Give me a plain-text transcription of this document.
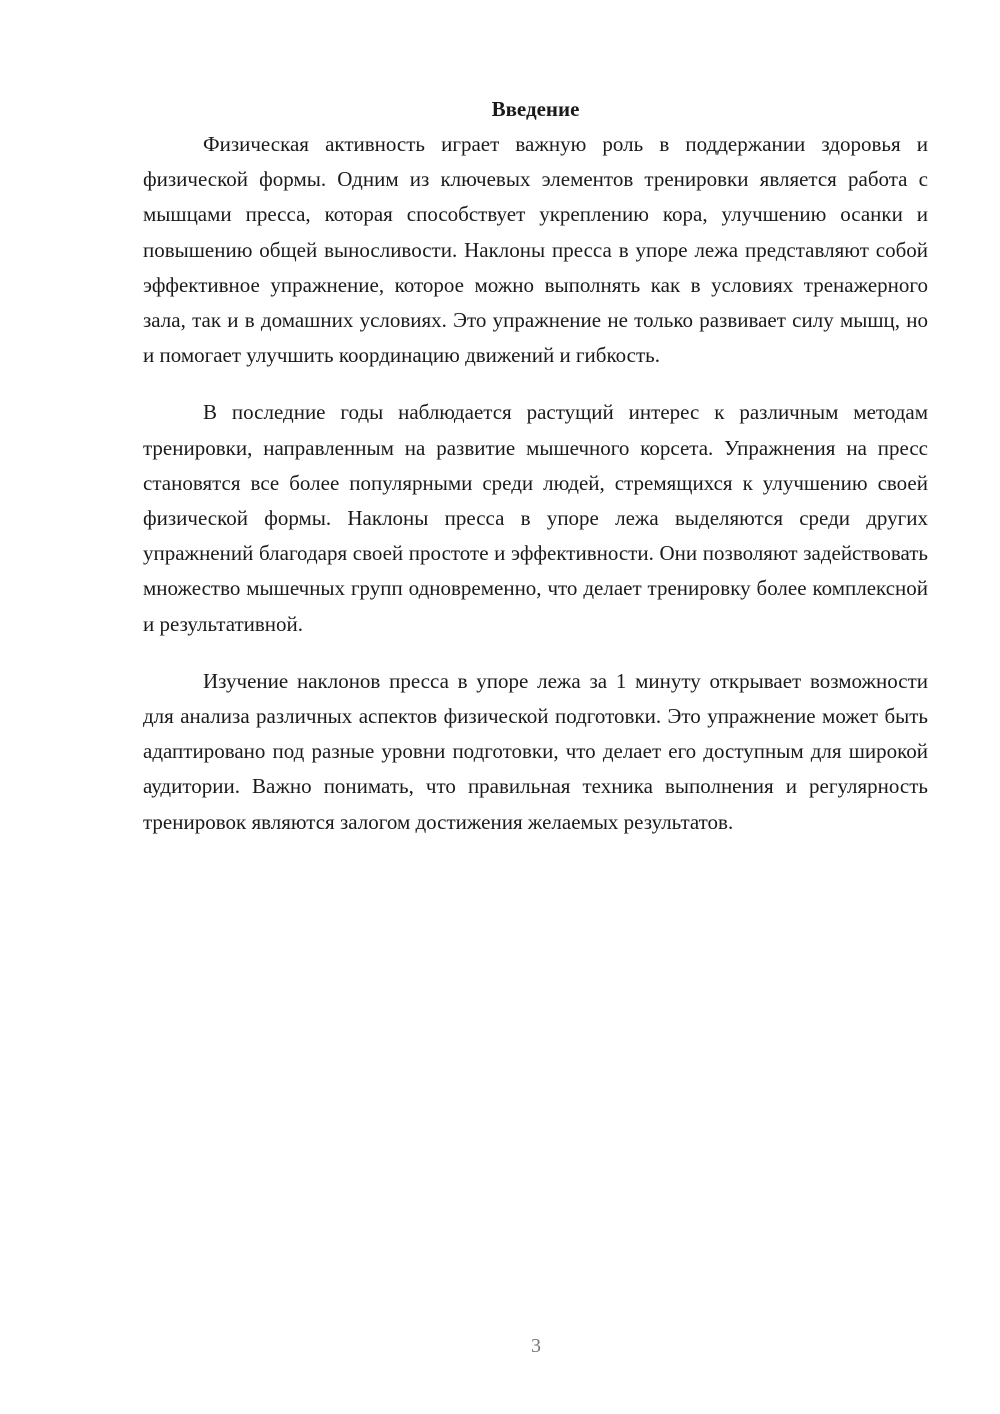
Введение

Физическая активность играет важную роль в поддержании здоровья и физической формы. Одним из ключевых элементов тренировки является работа с мышцами пресса, которая способствует укреплению кора, улучшению осанки и повышению общей выносливости. Наклоны пресса в упоре лежа представляют собой эффективное упражнение, которое можно выполнять как в условиях тренажерного зала, так и в домашних условиях. Это упражнение не только развивает силу мышц, но и помогает улучшить координацию движений и гибкость.

В последние годы наблюдается растущий интерес к различным методам тренировки, направленным на развитие мышечного корсета. Упражнения на пресс становятся все более популярными среди людей, стремящихся к улучшению своей физической формы. Наклоны пресса в упоре лежа выделяются среди других упражнений благодаря своей простоте и эффективности. Они позволяют задействовать множество мышечных групп одновременно, что делает тренировку более комплексной и результативной.

Изучение наклонов пресса в упоре лежа за 1 минуту открывает возможности для анализа различных аспектов физической подготовки. Это упражнение может быть адаптировано под разные уровни подготовки, что делает его доступным для широкой аудитории. Важно понимать, что правильная техника выполнения и регулярность тренировок являются залогом достижения желаемых результатов.

3
